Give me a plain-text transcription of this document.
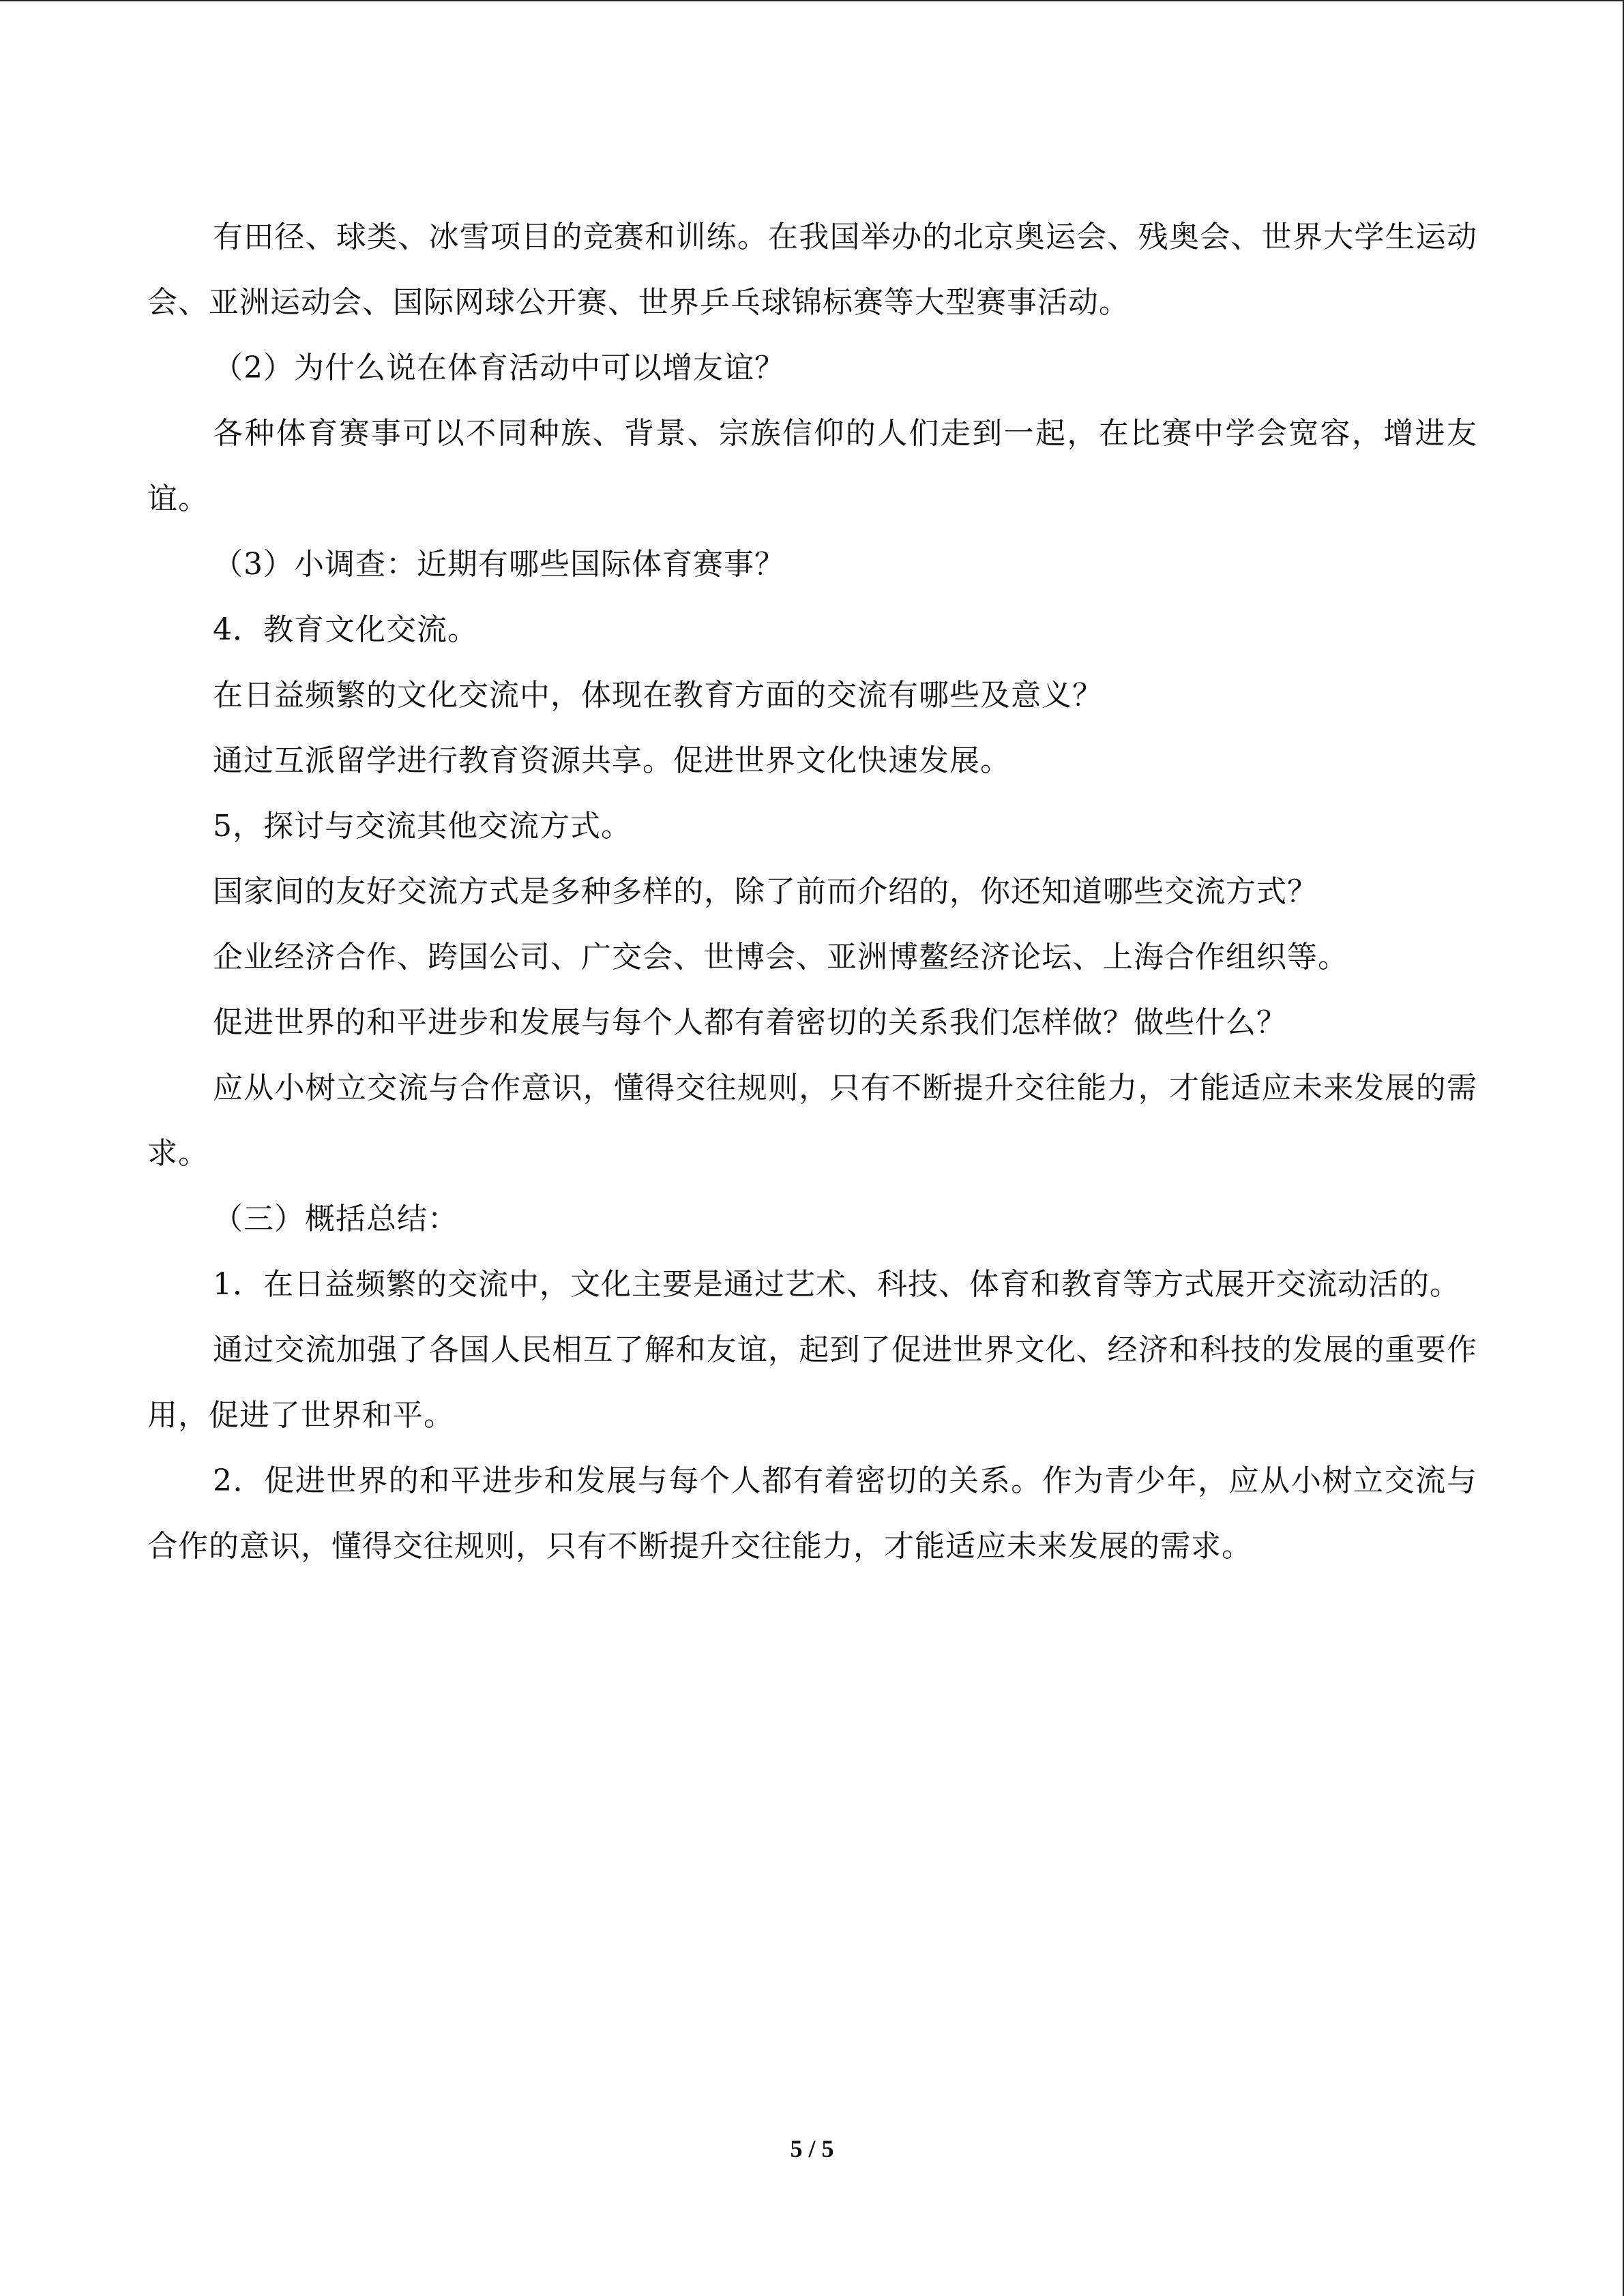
有田径、球类、冰雪项目的竞赛和训练。在我国举办的北京奥运会、残奥会、世界大学生运动会、亚洲运动会、国际网球公开赛、世界乒乓球锦标赛等大型赛事活动。

（2）为什么说在体育活动中可以增友谊？

各种体育赛事可以不同种族、背景、宗族信仰的人们走到一起，在比赛中学会宽容，增进友谊。

（3）小调查：近期有哪些国际体育赛事？

4．教育文化交流。

在日益频繁的文化交流中，体现在教育方面的交流有哪些及意义？

通过互派留学进行教育资源共享。促进世界文化快速发展。

5，探讨与交流其他交流方式。

国家间的友好交流方式是多种多样的，除了前而介绍的，你还知道哪些交流方式？

企业经济合作、跨国公司、广交会、世博会、亚洲博鳌经济论坛、上海合作组织等。

促进世界的和平进步和发展与每个人都有着密切的关系我们怎样做？做些什么？

应从小树立交流与合作意识，懂得交往规则，只有不断提升交往能力，才能适应未来发展的需求。

（三）概括总结：

1．在日益频繁的交流中，文化主要是通过艺术、科技、体育和教育等方式展开交流动活的。

通过交流加强了各国人民相互了解和友谊，起到了促进世界文化、经济和科技的发展的重要作用，促进了世界和平。

2．促进世界的和平进步和发展与每个人都有着密切的关系。作为青少年，应从小树立交流与合作的意识，懂得交往规则，只有不断提升交往能力，才能适应未来发展的需求。

5 / 5
